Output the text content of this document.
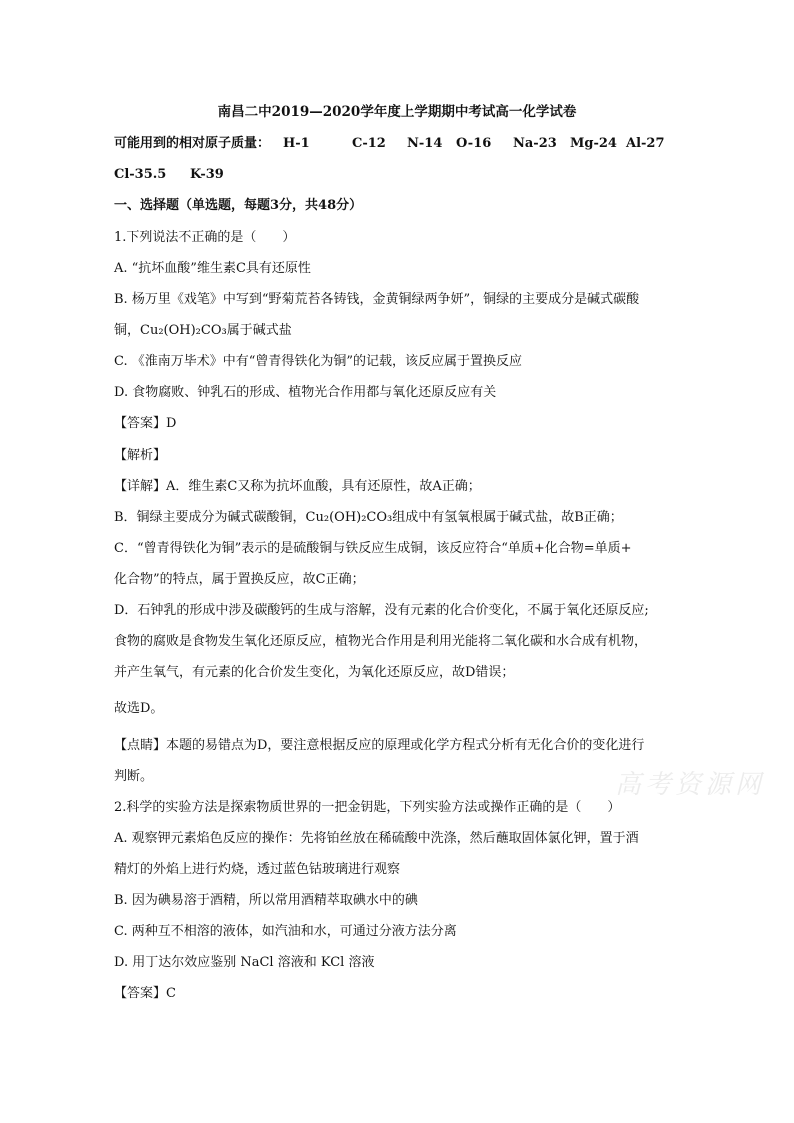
南昌二中2019—2020学年度上学期期中考试高一化学试卷
可能用到的相对原子质量： H-1	C-12 N-14 O-16 Na-23 Mg-24 Al-27
Cl-35.5 K-39
一、选择题（单选题，每题3分，共48分）
1.下列说法不正确的是（　　）
A. “抗坏血酸”维生素C具有还原性
B. 杨万里《戏笔》中写到“野菊荒苔各铸钱，金黄铜绿两争妍”，铜绿的主要成分是碱式碳酸
铜，Cu₂(OH)₂CO₃属于碱式盐
C. 《淮南万毕术》中有“曾青得铁化为铜”的记载，该反应属于置换反应
D. 食物腐败、钟乳石的形成、植物光合作用都与氧化还原反应有关
【答案】D
【解析】
【详解】A．维生素C又称为抗坏血酸，具有还原性，故A正确；
B．铜绿主要成分为碱式碳酸铜，Cu₂(OH)₂CO₃组成中有氢氧根属于碱式盐，故B正确；
C．“曾青得铁化为铜”表示的是硫酸铜与铁反应生成铜，该反应符合“单质+化合物=单质+
化合物”的特点，属于置换反应，故C正确；
D．石钟乳的形成中涉及碳酸钙的生成与溶解，没有元素的化合价变化，不属于氧化还原反应;
食物的腐败是食物发生氧化还原反应，植物光合作用是利用光能将二氧化碳和水合成有机物，
并产生氧气，有元素的化合价发生变化，为氧化还原反应，故D错误；
故选D。
【点睛】本题的易错点为D，要注意根据反应的原理或化学方程式分析有无化合价的变化进行
判断。	高考资源网
2.科学的实验方法是探索物质世界的一把金钥匙，下列实验方法或操作正确的是（　　）
A. 观察钾元素焰色反应的操作：先将铂丝放在稀硫酸中洗涤，然后蘸取固体氯化钾，置于酒
精灯的外焰上进行灼烧，透过蓝色钴玻璃进行观察
B. 因为碘易溶于酒精，所以常用酒精萃取碘水中的碘
C. 两种互不相溶的液体，如汽油和水，可通过分液方法分离
D. 用丁达尔效应鉴别 NaCl 溶液和 KCl 溶液
【答案】C
